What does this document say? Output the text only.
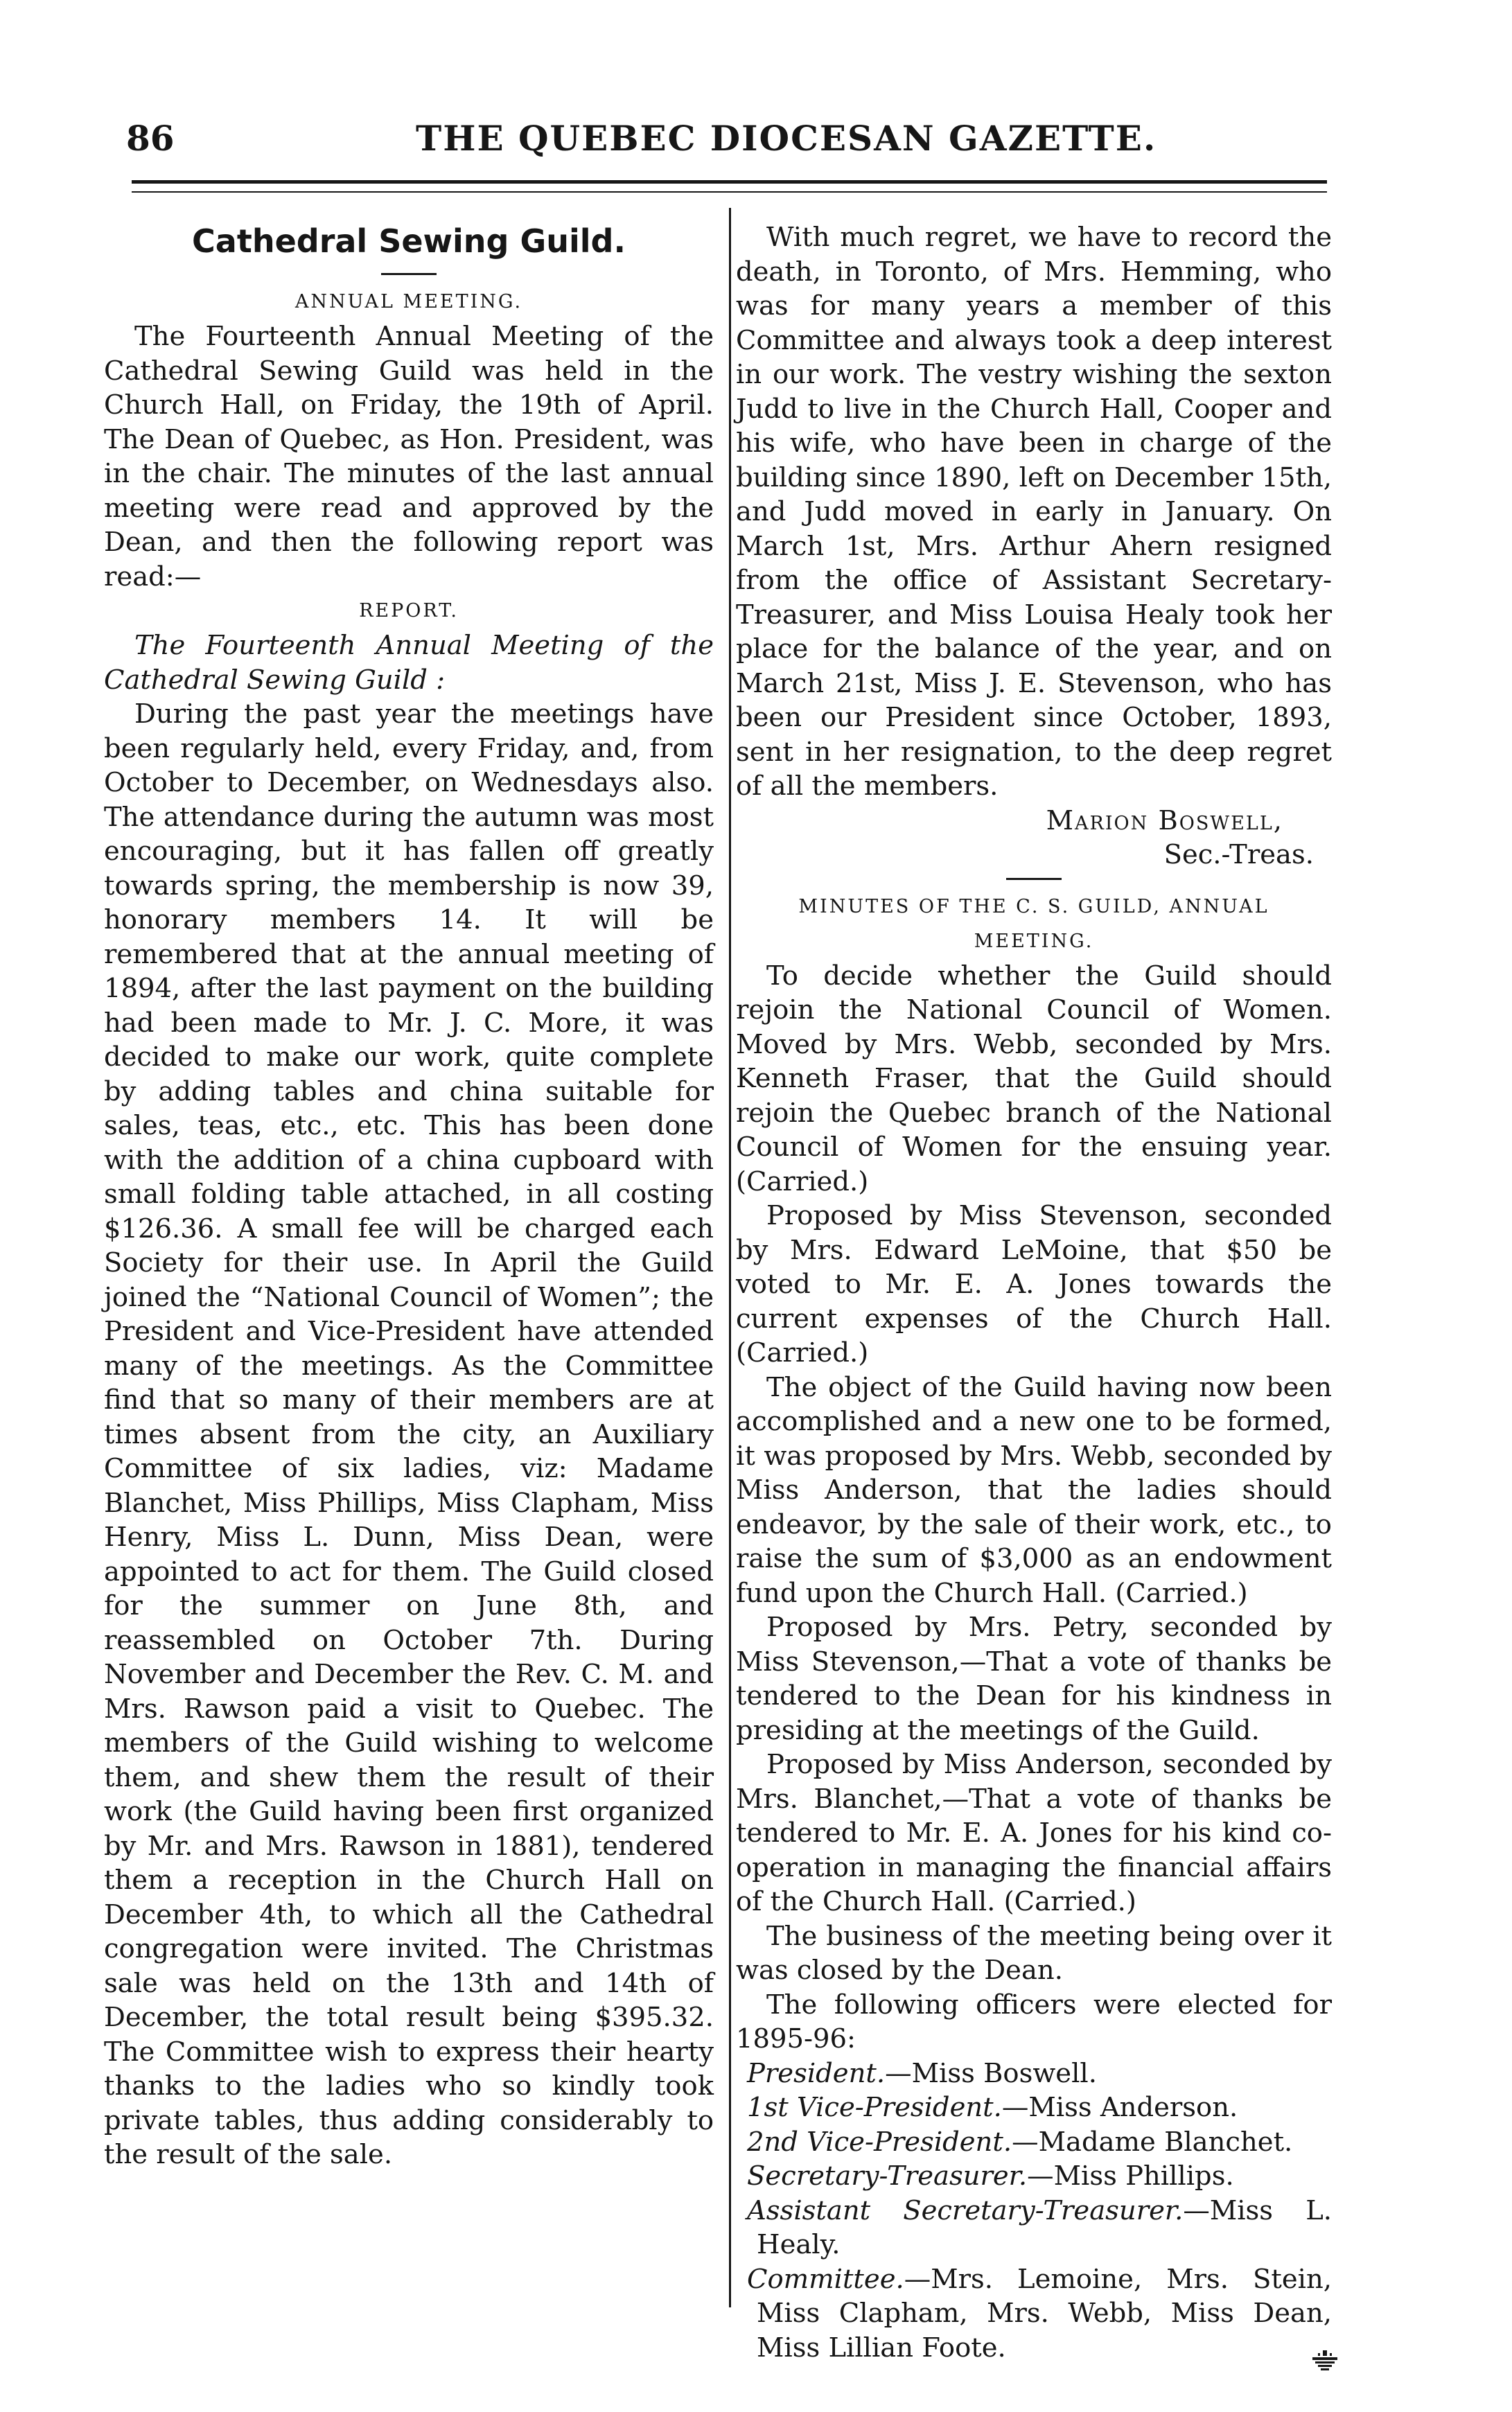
86	THE QUEBEC DIOCESAN GAZETTE.
Cathedral Sewing Guild.
ANNUAL MEETING.

The Fourteenth Annual Meeting of the Cathedral Sewing Guild was held in the Church Hall, on Friday, the 19th of April. The Dean of Quebec, as Hon. President, was in the chair. The minutes of the last annual meeting were read and approved by the Dean, and then the following report was read:—

REPORT.

The Fourteenth Annual Meeting of the Cathedral Sewing Guild :

During the past year the meetings have been regularly held, every Friday, and, from October to December, on Wednesdays also. The attendance during the autumn was most encouraging, but it has fallen off greatly towards spring, the membership is now 39, honorary members 14. It will be remembered that at the annual meeting of 1894, after the last payment on the building had been made to Mr. J. C. More, it was decided to make our work, quite complete by adding tables and china suitable for sales, teas, etc., etc. This has been done with the addition of a china cupboard with small folding table attached, in all costing $126.36. A small fee will be charged each Society for their use. In April the Guild joined the “National Council of Women”; the President and Vice-President have attended many of the meetings. As the Committee find that so many of their members are at times absent from the city, an Auxiliary Committee of six ladies, viz: Madame Blanchet, Miss Phillips, Miss Clapham, Miss Henry, Miss L. Dunn, Miss Dean, were appointed to act for them. The Guild closed for the summer on June 8th, and reassembled on October 7th. During November and December the Rev. C. M. and Mrs. Rawson paid a visit to Quebec. The members of the Guild wishing to welcome them, and shew them the result of their work (the Guild having been first organized by Mr. and Mrs. Rawson in 1881), tendered them a reception in the Church Hall on December 4th, to which all the Cathedral congregation were invited. The Christmas sale was held on the 13th and 14th of December, the total result being $395.32. The Committee wish to express their hearty thanks to the ladies who so kindly took private tables, thus adding considerably to the result of the sale.

With much regret, we have to record the death, in Toronto, of Mrs. Hemming, who was for many years a member of this Committee and always took a deep interest in our work. The vestry wishing the sexton Judd to live in the Church Hall, Cooper and his wife, who have been in charge of the building since 1890, left on December 15th, and Judd moved in early in January. On March 1st, Mrs. Arthur Ahern resigned from the office of Assistant Secretary-Treasurer, and Miss Louisa Healy took her place for the balance of the year, and on March 21st, Miss J. E. Stevenson, who has been our President since October, 1893, sent in her resignation, to the deep regret of all the members.

Marion Boswell,
Sec.-Treas.
MINUTES OF THE C. S. GUILD, ANNUAL MEETING.

To decide whether the Guild should rejoin the National Council of Women. Moved by Mrs. Webb, seconded by Mrs. Kenneth Fraser, that the Guild should rejoin the Quebec branch of the National Council of Women for the ensuing year. (Carried.)

Proposed by Miss Stevenson, seconded by Mrs. Edward LeMoine, that $50 be voted to Mr. E. A. Jones towards the current expenses of the Church Hall. (Carried.)

The object of the Guild having now been accomplished and a new one to be formed, it was proposed by Mrs. Webb, seconded by Miss Anderson, that the ladies should endeavor, by the sale of their work, etc., to raise the sum of $3,000 as an endowment fund upon the Church Hall. (Carried.)

Proposed by Mrs. Petry, seconded by Miss Stevenson,—That a vote of thanks be tendered to the Dean for his kindness in presiding at the meetings of the Guild.

Proposed by Miss Anderson, seconded by Mrs. Blanchet,—That a vote of thanks be tendered to Mr. E. A. Jones for his kind co-operation in managing the financial affairs of the Church Hall. (Carried.)

The business of the meeting being over it was closed by the Dean.

The following officers were elected for 1895-96:

President.—Miss Boswell.

1st Vice-President.—Miss Anderson.

2nd Vice-President.—Madame Blanchet.

Secretary-Treasurer.—Miss Phillips.

Assistant Secretary-Treasurer.—Miss L. Healy.

Committee.—Mrs. Lemoine, Mrs. Stein, Miss Clapham, Mrs. Webb, Miss Dean, Miss Lillian Foote.
